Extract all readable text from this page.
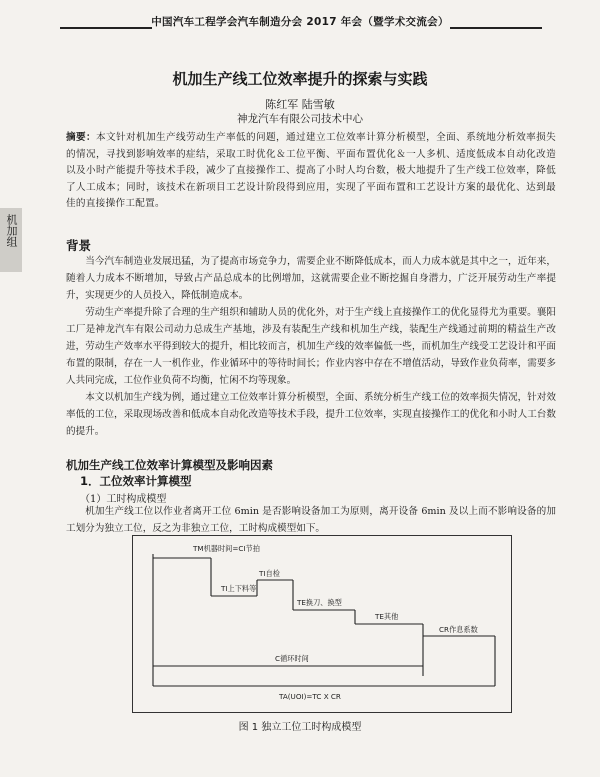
中国汽车工程学会汽车制造分会 2017 年会（暨学术交流会）
机加生产线工位效率提升的探索与实践
陈红军 陆雪敏
神龙汽车有限公司技术中心
摘要：本文针对机加生产线劳动生产率低的问题，通过建立工位效率计算分析模型，全面、系统地分析效率损失的情况，寻找到影响效率的症结，采取工时优化＆工位平衡、平面布置优化＆一人多机、适度低成本自动化改造以及小时产能提升等技术手段，减少了直接操作工、提高了小时人均台数，极大地提升了生产线工位效率，降低了人工成本；同时，该技术在新项目工艺设计阶段得到应用，实现了平面布置和工艺设计方案的最优化、达到最佳的直接操作工配置。
机加组	背景

当今汽车制造业发展迅猛，为了提高市场竞争力，需要企业不断降低成本，而人力成本就是其中之一，近年来，随着人力成本不断增加，导致占产品总成本的比例增加，这就需要企业不断挖掘自身潜力，广泛开展劳动生产率提升，实现更少的人员投入，降低制造成本。

劳动生产率提升除了合理的生产组织和辅助人员的优化外，对于生产线上直接操作工的优化显得尤为重要。襄阳工厂是神龙汽车有限公司动力总成生产基地，涉及有装配生产线和机加生产线，装配生产线通过前期的精益生产改进，劳动生产效率水平得到较大的提升，相比较而言，机加生产线的效率偏低一些，而机加生产线受工艺设计和平面布置的限制，存在一人一机作业，作业循环中的等待时间长；作业内容中存在不增值活动，导致作业负荷率，需要多人共同完成，工位作业负荷不均衡，忙闲不均等现象。

本文以机加生产线为例，通过建立工位效率计算分析模型，全面、系统分析生产线工位的效率损失情况，针对效率低的工位，采取现场改善和低成本自动化改造等技术手段，提升工位效率，实现直接操作工的优化和小时人工台数的提升。

机加生产线工位效率计算模型及影响因素
1．工位效率计算模型
（1）工时构成模型

机加生产线工位以作业者离开工位 6min 是否影响设备加工为原则，离开设备 6min 及以上而不影响设备的加工划分为独立工位，反之为非独立工位，工时构成模型如下。

TM机器时间=CI节拍
TI上下料等
TI自检
TE换刀、换型
TE其他
CR作息系数
C循环时间
TA(UOI)=TC X CR
图 1 独立工位工时构成模型
